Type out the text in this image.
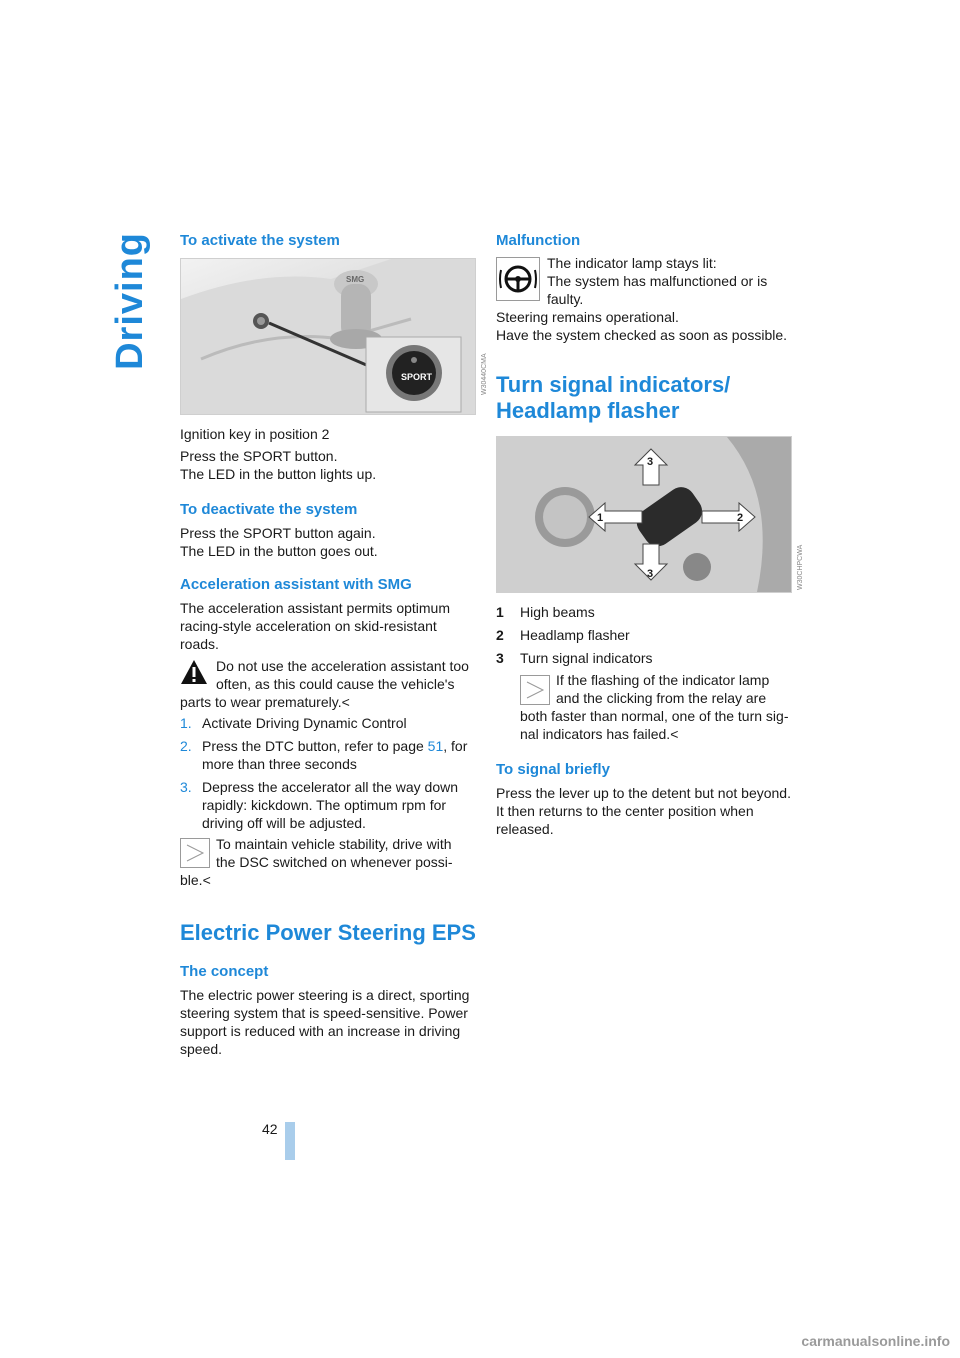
Driving To activate the system
SMG
SPORT	W30440CMA

Ignition key in position 2

Press the SPORT button.

The LED in the button lights up.

To deactivate the system

Press the SPORT button again.

The LED in the button goes out.

Acceleration assistant with SMG

The acceleration assistant permits optimum racing-style acceleration on skid-resistant roads.

Do not use the acceleration assistant too

often, as this could cause the vehicle's

parts to wear prematurely.<

1. Activate Driving Dynamic Control

2. Press the DTC button, refer to page 51, for

more than three seconds

3. Depress the accelerator all the way down

rapidly: kickdown. The optimum rpm for

driving off will be adjusted.

To maintain vehicle stability, drive with

the DSC switched on whenever possi-

ble.<

Electric Power Steering EPS
The concept

The electric power steering is a direct, sporting steering system that is speed-sensitive. Power support is reduced with an increase in driving speed.

Malfunction

The indicator lamp stays lit:

The system has malfunctioned or is

faulty.

Steering remains operational.

Have the system checked as soon as possible.

Turn signal indicators/
Headlamp flasher
1	2
3
3	W30CHPCWA

1 High beams

2 Headlamp flasher

3 Turn signal indicators

If the flashing of the indicator lamp

and the clicking from the relay are

both faster than normal, one of the turn sig-

nal indicators has failed.<

To signal briefly

Press the lever up to the detent but not beyond. It then returns to the center position when released.

42
carmanualsonline.info
